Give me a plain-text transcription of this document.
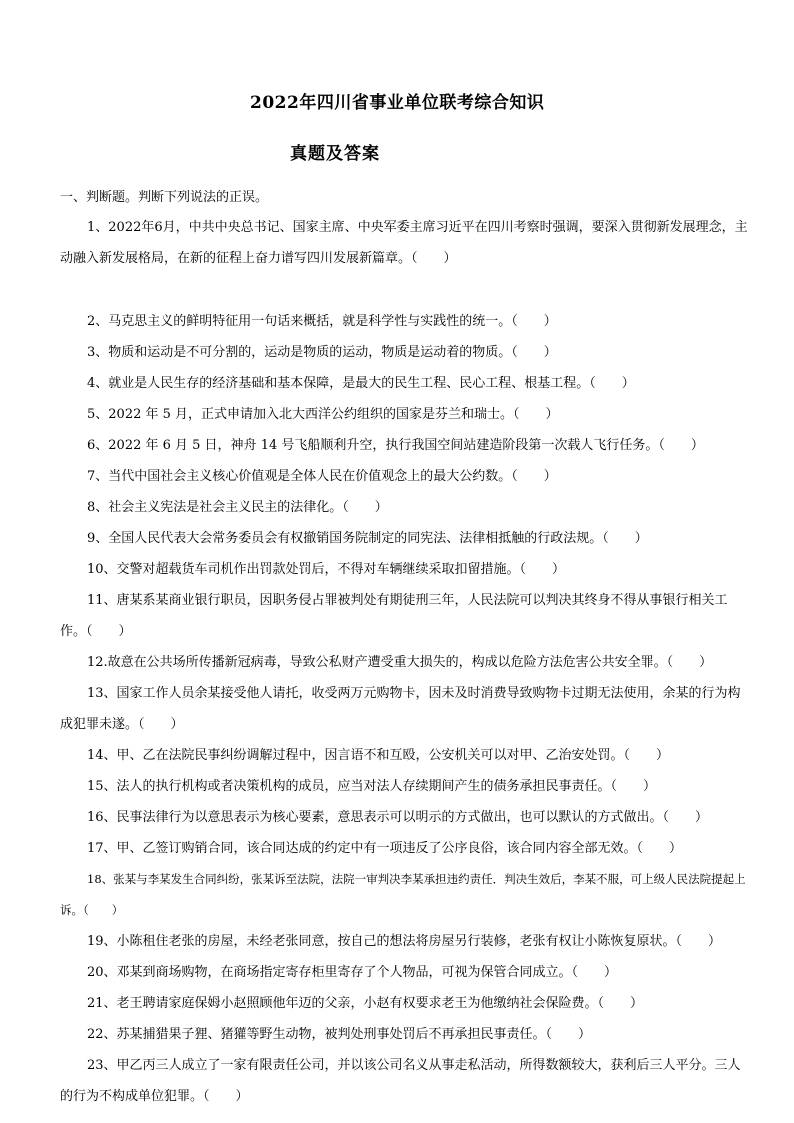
2022年四川省事业单位联考综合知识
真题及答案
一、判断题。判断下列说法的正误。
1、2022年6月，中共中央总书记、国家主席、中央军委主席习近平在四川考察时强调，要深入贯彻新发展理念，主动融入新发展格局，在新的征程上奋力谱写四川发展新篇章。（　　）
2、马克思主义的鲜明特征用一句话来概括，就是科学性与实践性的统一。（　　）
3、物质和运动是不可分割的，运动是物质的运动，物质是运动着的物质。（　　）
4、就业是人民生存的经济基础和基本保障，是最大的民生工程、民心工程、根基工程。（　　）
5、2022 年 5 月，正式申请加入北大西洋公约组织的国家是芬兰和瑞士。（　　）
6、2022 年 6 月 5 日，神舟 14 号飞船顺利升空，执行我国空间站建造阶段第一次载人飞行任务。（　　）
7、当代中国社会主义核心价值观是全体人民在价值观念上的最大公约数。（　　）
8、社会主义宪法是社会主义民主的法律化。（　　）
9、全国人民代表大会常务委员会有权撤销国务院制定的同宪法、法律相抵触的行政法规。（　　）
10、交警对超载货车司机作出罚款处罚后，不得对车辆继续采取扣留措施。（　　）
11、唐某系某商业银行职员，因职务侵占罪被判处有期徒刑三年，人民法院可以判决其终身不得从事银行相关工作。（　　）
12.故意在公共场所传播新冠病毒，导致公私财产遭受重大损失的，构成以危险方法危害公共安全罪。（　　）
13、国家工作人员余某接受他人请托，收受两万元购物卡，因未及时消费导致购物卡过期无法使用，余某的行为构成犯罪未遂。（　　）
14、甲、乙在法院民事纠纷调解过程中，因言语不和互殴，公安机关可以对甲、乙治安处罚。（　　）
15、法人的执行机构或者决策机构的成员，应当对法人存续期间产生的债务承担民事责任。（　　）
16、民事法律行为以意思表示为核心要素，意思表示可以明示的方式做出，也可以默认的方式做出。（　　）
17、甲、乙签订购销合同，该合同达成的约定中有一项违反了公序良俗，该合同内容全部无效。（　　）
18、张某与李某发生合同纠纷，张某诉至法院，法院一审判决李某承担违约责任．判决生效后，李某不服，可上级人民法院提起上诉。（　　）
19、小陈租住老张的房屋，未经老张同意，按自己的想法将房屋另行装修，老张有权让小陈恢复原状。（　　）
20、邓某到商场购物，在商场指定寄存柜里寄存了个人物品，可视为保管合同成立。（　　）
21、老王聘请家庭保姆小赵照顾他年迈的父亲，小赵有权要求老王为他缴纳社会保险费。（　　）
22、苏某捕猎果子狸、猪獾等野生动物，被判处刑事处罚后不再承担民事责任。（　　）
23、甲乙丙三人成立了一家有限责任公司，并以该公司名义从事走私活动，所得数额较大，获利后三人平分。三人的行为不构成单位犯罪。（　　）
